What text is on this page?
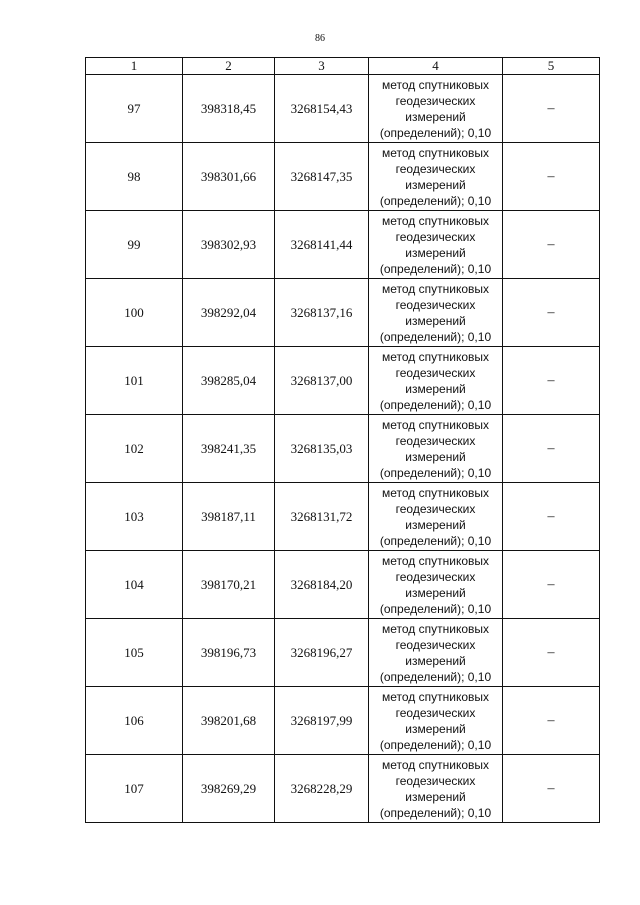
86
1	2	3	4	5
97	398318,45	3268154,43	метод спутниковых
геодезических
измерений
(определений); 0,10	–
98	398301,66	3268147,35	метод спутниковых
геодезических
измерений
(определений); 0,10	–
99	398302,93	3268141,44	метод спутниковых
геодезических
измерений
(определений); 0,10	–
100	398292,04	3268137,16	метод спутниковых
геодезических
измерений
(определений); 0,10	–
101	398285,04	3268137,00	метод спутниковых
геодезических
измерений
(определений); 0,10	–
102	398241,35	3268135,03	метод спутниковых
геодезических
измерений
(определений); 0,10	–
103	398187,11	3268131,72	метод спутниковых
геодезических
измерений
(определений); 0,10	–
104	398170,21	3268184,20	метод спутниковых
геодезических
измерений
(определений); 0,10	–
105	398196,73	3268196,27	метод спутниковых
геодезических
измерений
(определений); 0,10	–
106	398201,68	3268197,99	метод спутниковых
геодезических
измерений
(определений); 0,10	–
107	398269,29	3268228,29	метод спутниковых
геодезических
измерений
(определений); 0,10	–
